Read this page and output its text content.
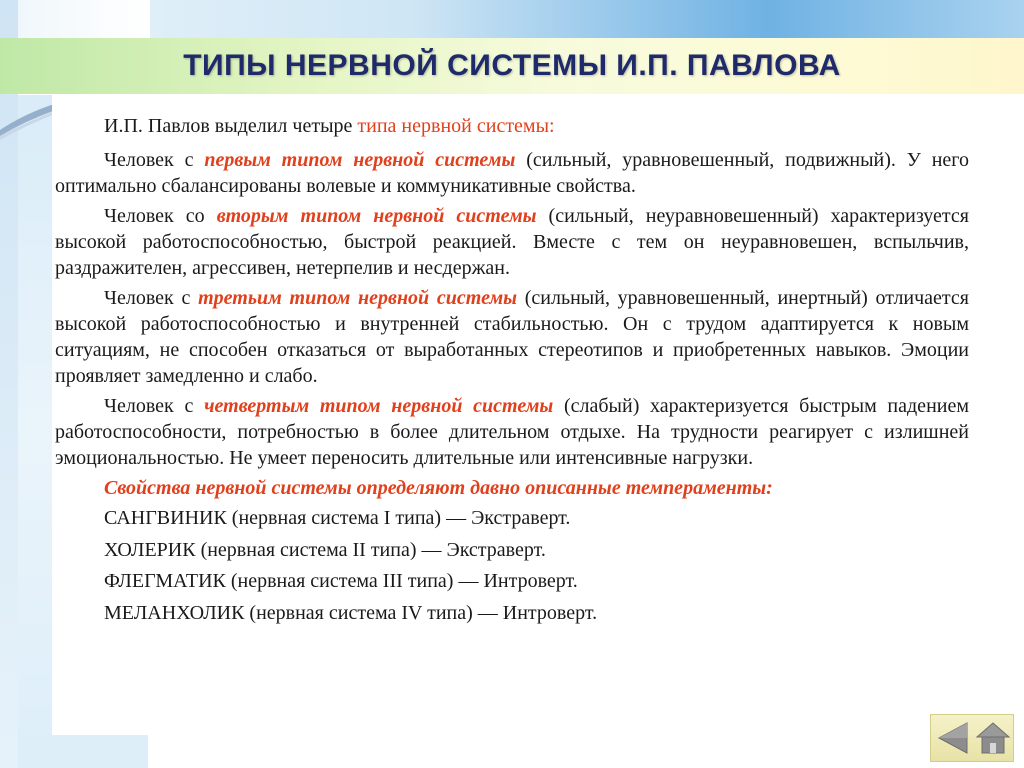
ТИПЫ НЕРВНОЙ СИСТЕМЫ И.П. ПАВЛОВА

И.П. Павлов выделил четыре типа нервной системы:

Человек с первым типом нервной системы (сильный, уравновешенный, подвижный). У него оптимально сбалансированы волевые и коммуникативные свойства.

Человек со вторым типом нервной системы (сильный, неуравновешенный) характеризуется высокой работоспособностью, быстрой реакцией. Вместе с тем он неуравновешен, вспыльчив, раздражителен, агрессивен, нетерпелив и несдержан.

Человек с третьим типом нервной системы (сильный, уравновешенный, инертный) отличается высокой работоспособностью и внутренней стабильностью. Он с трудом адаптируется к новым ситуациям, не способен отказаться от выработанных стереотипов и приобретенных навыков. Эмоции проявляет замедленно и слабо.

Человек с четвертым типом нервной системы (слабый) характеризуется быстрым падением работоспособности, потребностью в более длительном отдыхе. На трудности реагирует с излишней эмоциональностью. Не умеет переносить длительные или интенсивные нагрузки.

Свойства нервной системы определяют давно описанные темпераменты:

САНГВИНИК (нервная система I типа) — Экстраверт.

ХОЛЕРИК (нервная система II типа) — Экстраверт.

ФЛЕГМАТИК (нервная система III типа) — Интроверт.

МЕЛАНХОЛИК (нервная система IV типа) — Интроверт.
